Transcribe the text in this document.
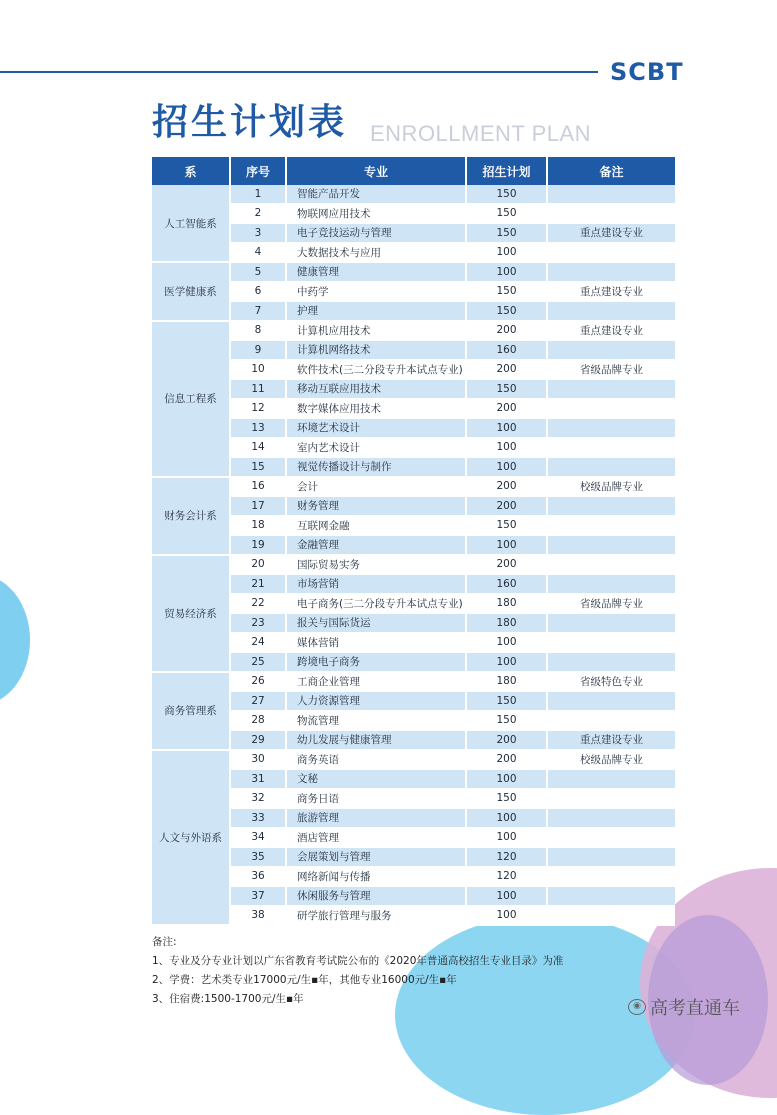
SCBT
招生计划表 ENROLLMENT PLAN
系	序号	专业	招生计划	备注
人工智能系	1	智能产品开发	150	
	2	物联网应用技术	150	
	3	电子竞技运动与管理	150	重点建设专业
	4	大数据技术与应用	100	
医学健康系	5	健康管理	100	
	6	中药学	150	重点建设专业
	7	护理	150	
信息工程系	8	计算机应用技术	200	重点建设专业
	9	计算机网络技术	160	
	10	软件技术(三二分段专升本试点专业)	200	省级品牌专业
	11	移动互联应用技术	150	
	12	数字媒体应用技术	200	
	13	环境艺术设计	100	
	14	室内艺术设计	100	
	15	视觉传播设计与制作	100	
财务会计系	16	会计	200	校级品牌专业
	17	财务管理	200	
	18	互联网金融	150	
	19	金融管理	100	
贸易经济系	20	国际贸易实务	200	
	21	市场营销	160	
	22	电子商务(三二分段专升本试点专业)	180	省级品牌专业
	23	报关与国际货运	180	
	24	媒体营销	100	
	25	跨境电子商务	100	
商务管理系	26	工商企业管理	180	省级特色专业
	27	人力资源管理	150	
	28	物流管理	150	
	29	幼儿发展与健康管理	200	重点建设专业
人文与外语系	30	商务英语	200	校级品牌专业
	31	文秘	100	
	32	商务日语	150	
	33	旅游管理	100	
	34	酒店管理	100	
	35	会展策划与管理	120	
	36	网络新闻与传播	120	
	37	休闲服务与管理	100	
	38	研学旅行管理与服务	100	
备注:
1、专业及分专业计划以广东省教育考试院公布的《2020年普通高校招生专业目录》为准
2、学费：艺术类专业17000元/生▪年，其他专业16000元/生▪年
3、住宿费:1500-1700元/生▪年
◉ 高考直通车
